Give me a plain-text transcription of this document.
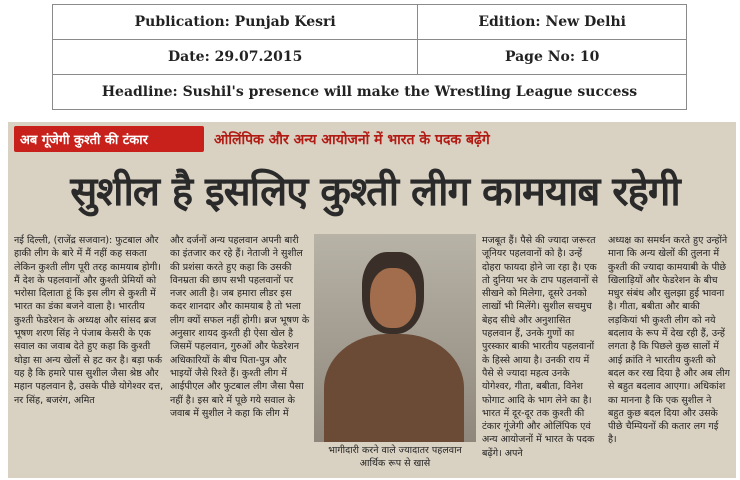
Publication: Punjab Kesri	Edition: New Delhi
Date: 29.07.2015	Page No: 10
Headline: Sushil's presence will make the Wrestling League success	
अब गूंजेगी कुश्ती की टंकार	ओलिंपिक और अन्य आयोजनों में भारत के पदक बढ़ेंगे
सुशील है इसलिए कुश्ती लीग कामयाब रहेगी
नई दिल्ली, (राजेंद्र सजवान): फुटबाल और हाकी लीग के बारे में मैं नहीं कह सकता लेकिन कुश्ती लीग पूरी तरह कामयाब होगी। मैं देश के पहलवानों और कुश्ती प्रेमियों को भरोसा दिलाता हूं कि इस लीग से कुश्ती में भारत का डंका बजने वाला है। भारतीय कुश्ती फेडरेशन के अध्यक्ष और सांसद ब्रज भूषण शरण सिंह ने पंजाब केसरी के एक सवाल का जवाब देते हुए कहा कि कुश्ती थोड़ा सा अन्य खेलों से हट कर है। बड़ा फर्क यह है कि हमारे पास सुशील जैसा श्रेष्ठ और महान पहलवान है, उसके पीछे योगेश्वर दत्त, नर सिंह, बजरंग, अमित
और दर्जनों अन्य पहलवान अपनी बारी का इंतजार कर रहे हैं। नेताजी ने सुशील की प्रशंसा करते हुए कहा कि उसकी विनम्रता की छाप सभी पहलवानों पर नजर आती है। जब हमारा लीडर इस कदर शानदार और कामयाब है तो भला लीग क्यों सफल नहीं होगी। ब्रज भूषण के अनुसार शायद कुश्ती ही ऐसा खेल है जिसमें पहलवान, गुरुओं और फेडरेशन अधिकारियों के बीच पिता-पुत्र और भाइयों जैसे रिश्ते हैं। कुश्ती लीग में आईपीएल और फुटबाल लीग जैसा पैसा नहीं है। इस बारे में पूछे गये सवाल के जवाब में सुशील ने कहा कि लीग में
भागीदारी करने वाले ज्यादातर पहलवान आर्थिक रूप से खासे
मजबूत हैं। पैसे की ज्यादा जरूरत जूनियर पहलवानों को है। उन्हें दोहरा फायदा होने जा रहा है। एक तो दुनिया भर के टाप पहलवानों से सीखने को मिलेगा, दूसरे उनको लाखों भी मिलेंगे। सुशील सचमुच बेहद सीधे और अनुशासित पहलवान हैं, उनके गुणों का पुरस्कार बाकी भारतीय पहलवानों के हिस्से आया है। उनकी राय में पैसे से ज्यादा महत्व उनके योगेश्वर, गीता, बबीता, विनेश फोगाट आदि के भाग लेने का है। भारत में दूर-दूर तक कुश्ती की टंकार गूंजेगी और ओलिंपिक एवं अन्य आयोजनों में भारत के पदक बढ़ेंगे। अपने
अध्यक्ष का समर्थन करते हुए उन्होंने माना कि अन्य खेलों की तुलना में कुश्ती की ज्यादा कामयाबी के पीछे खिलाड़ियों और फेडरेशन के बीच मधुर संबंध और सुलझा हुई भावना है। गीता, बबीता और बाकी लड़कियां भी कुश्ती लीग को नये बदलाव के रूप में देख रही हैं, उन्हें लगता है कि पिछले कुछ सालों में आई क्रांति ने भारतीय कुश्ती को बदल कर रख दिया है और अब लीग से बहुत बदलाव आएगा। अधिकांश का मानना है कि एक सुशील ने बहुत कुछ बदल दिया और उसके पीछे चैम्पियनों की कतार लग गई है।
